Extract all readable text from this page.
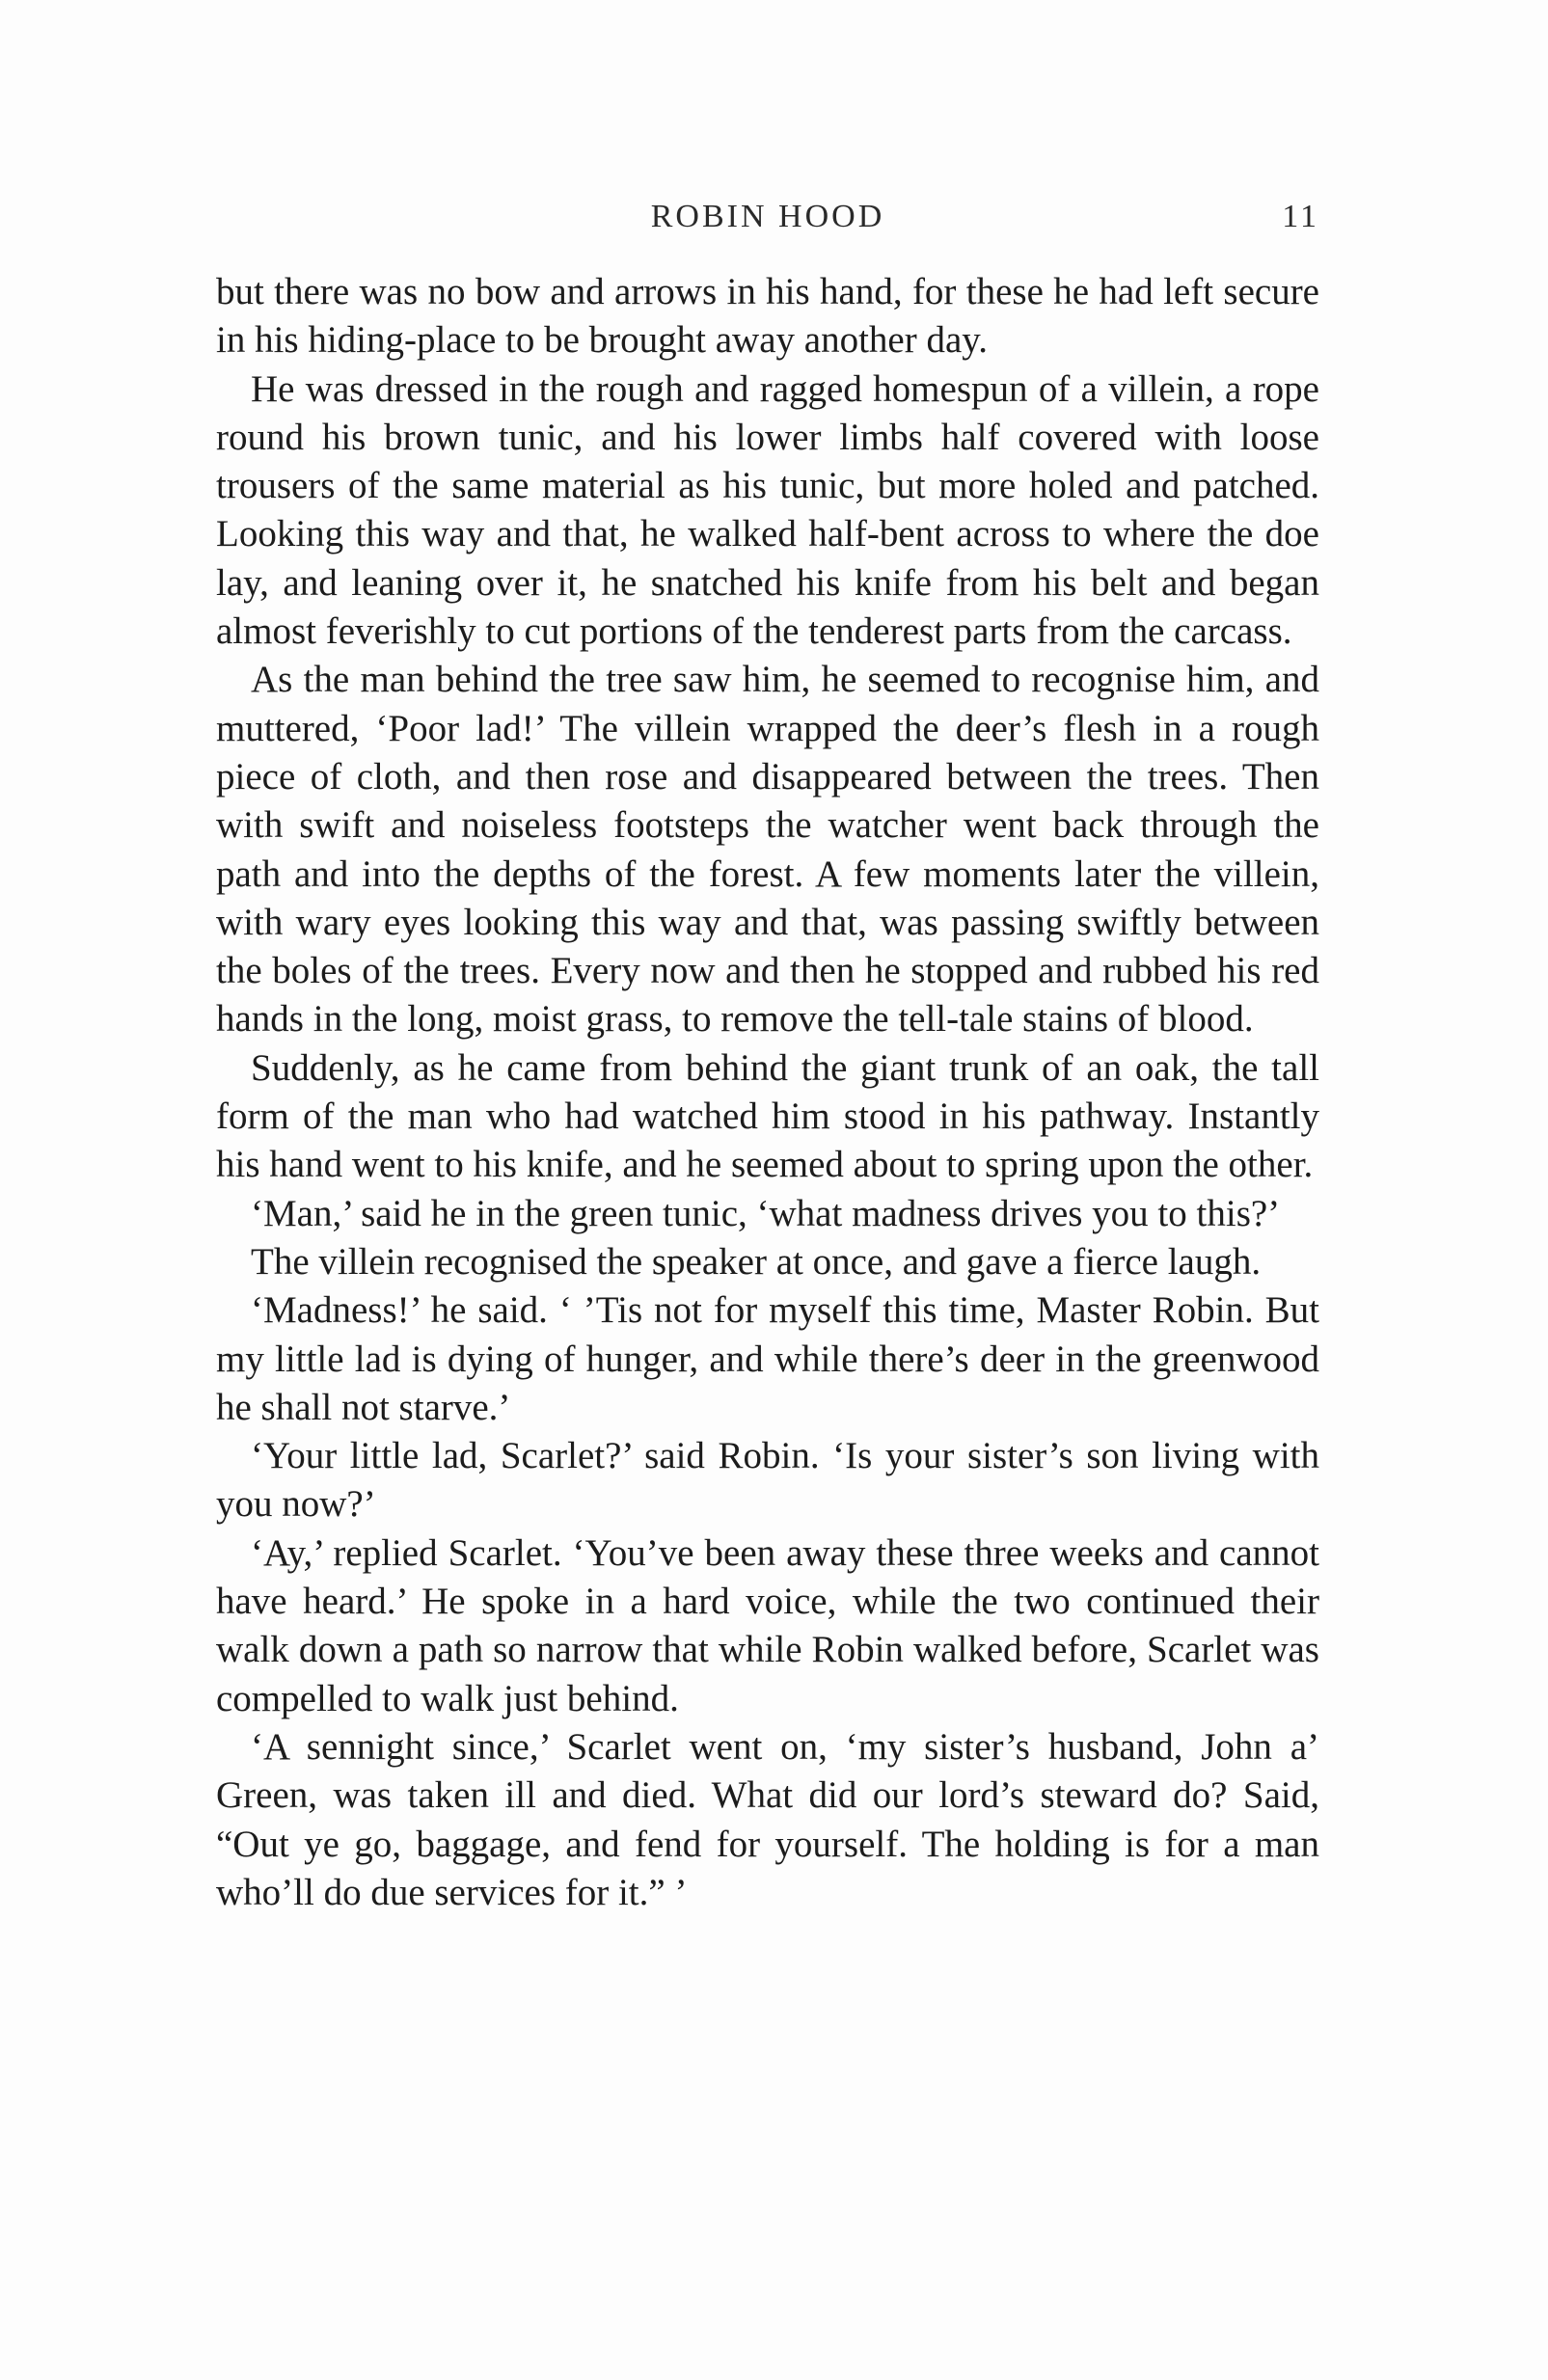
ROBIN HOOD	11

but there was no bow and arrows in his hand, for these he had left secure in his hiding-place to be brought away another day.

He was dressed in the rough and ragged homespun of a villein, a rope round his brown tunic, and his lower limbs half covered with loose trousers of the same material as his tunic, but more holed and patched. Looking this way and that, he walked half-bent across to where the doe lay, and leaning over it, he snatched his knife from his belt and began almost feverishly to cut portions of the tenderest parts from the carcass.

As the man behind the tree saw him, he seemed to recognise him, and muttered, ‘Poor lad!’ The villein wrapped the deer’s flesh in a rough piece of cloth, and then rose and disappeared between the trees. Then with swift and noiseless footsteps the watcher went back through the path and into the depths of the forest. A few moments later the villein, with wary eyes looking this way and that, was passing swiftly between the boles of the trees. Every now and then he stopped and rubbed his red hands in the long, moist grass, to remove the tell-tale stains of blood.

Suddenly, as he came from behind the giant trunk of an oak, the tall form of the man who had watched him stood in his pathway. Instantly his hand went to his knife, and he seemed about to spring upon the other.

‘Man,’ said he in the green tunic, ‘what madness drives you to this?’

The villein recognised the speaker at once, and gave a fierce laugh.

‘Madness!’ he said. ‘ ’Tis not for myself this time, Master Robin. But my little lad is dying of hunger, and while there’s deer in the greenwood he shall not starve.’

‘Your little lad, Scarlet?’ said Robin. ‘Is your sister’s son living with you now?’

‘Ay,’ replied Scarlet. ‘You’ve been away these three weeks and cannot have heard.’ He spoke in a hard voice, while the two continued their walk down a path so narrow that while Robin walked before, Scarlet was compelled to walk just behind.

‘A sennight since,’ Scarlet went on, ‘my sister’s husband, John a’ Green, was taken ill and died. What did our lord’s steward do? Said, “Out ye go, baggage, and fend for yourself. The holding is for a man who’ll do due services for it.” ’
